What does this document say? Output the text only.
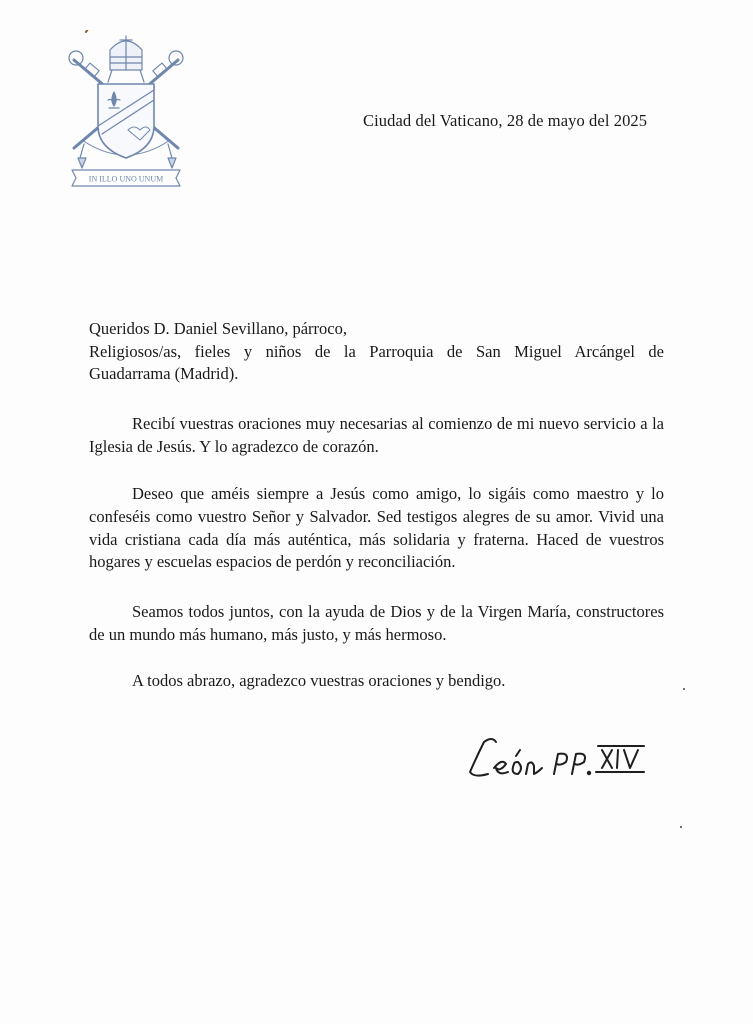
IN ILLO UNO UNUM
Ciudad del Vaticano, 28 de mayo del 2025
Queridos D. Daniel Sevillano, párroco,
Religiosos/as, fieles y niños de la Parroquia de San Miguel Arcángel de
Guadarrama (Madrid).

Recibí vuestras oraciones muy necesarias al comienzo de mi nuevo servicio a la Iglesia de Jesús. Y lo agradezco de corazón.

Deseo que améis siempre a Jesús como amigo, lo sigáis como maestro y lo confeséis como vuestro Señor y Salvador. Sed testigos alegres de su amor. Vivid una vida cristiana cada día más auténtica, más solidaria y fraterna. Haced de vuestros hogares y escuelas espacios de perdón y reconciliación.

Seamos todos juntos, con la ayuda de Dios y de la Virgen María, constructores de un mundo más humano, más justo, y más hermoso.

A todos abrazo, agradezco vuestras oraciones y bendigo.
